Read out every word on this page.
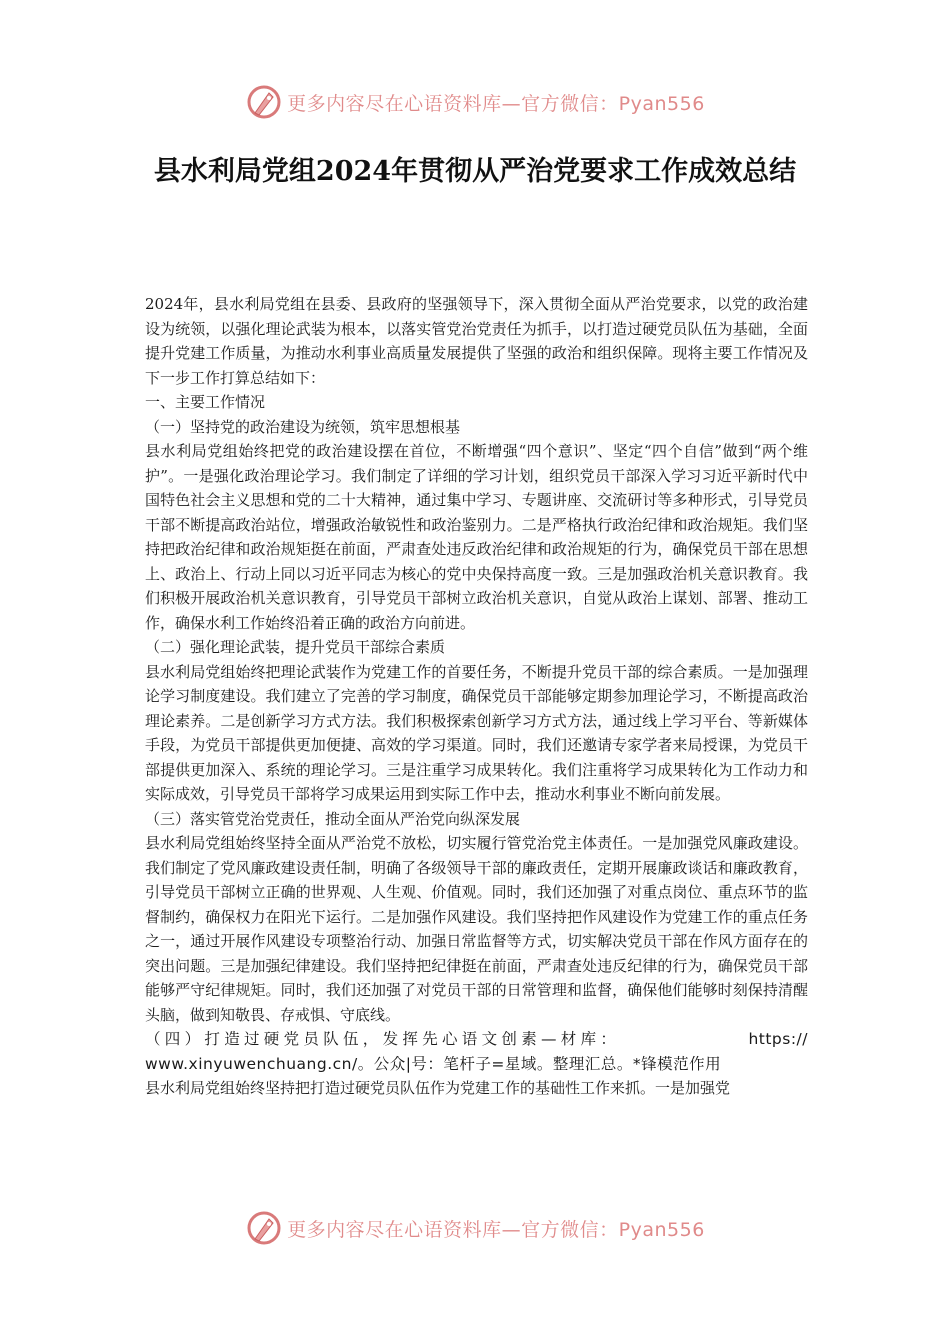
更多内容尽在心语资料库—官方微信：Pyan556
县水利局党组2024年贯彻从严治党要求工作成效总结

2024年，县水利局党组在县委、县政府的坚强领导下，深入贯彻全面从严治党要求，以党的政治建设为统领，以强化理论武装为根本，以落实管党治党责任为抓手，以打造过硬党员队伍为基础，全面提升党建工作质量，为推动水利事业高质量发展提供了坚强的政治和组织保障。现将主要工作情况及下一步工作打算总结如下：

一、主要工作情况

（一）坚持党的政治建设为统领，筑牢思想根基

县水利局党组始终把党的政治建设摆在首位，不断增强“四个意识”、坚定“四个自信”做到“两个维护”。一是强化政治理论学习。我们制定了详细的学习计划，组织党员干部深入学习习近平新时代中国特色社会主义思想和党的二十大精神，通过集中学习、专题讲座、交流研讨等多种形式，引导党员干部不断提高政治站位，增强政治敏锐性和政治鉴别力。二是严格执行政治纪律和政治规矩。我们坚持把政治纪律和政治规矩挺在前面，严肃查处违反政治纪律和政治规矩的行为，确保党员干部在思想上、政治上、行动上同以习近平同志为核心的党中央保持高度一致。三是加强政治机关意识教育。我们积极开展政治机关意识教育，引导党员干部树立政治机关意识，自觉从政治上谋划、部署、推动工作，确保水利工作始终沿着正确的政治方向前进。

（二）强化理论武装，提升党员干部综合素质

县水利局党组始终把理论武装作为党建工作的首要任务，不断提升党员干部的综合素质。一是加强理论学习制度建设。我们建立了完善的学习制度，确保党员干部能够定期参加理论学习，不断提高政治理论素养。二是创新学习方式方法。我们积极探索创新学习方式方法，通过线上学习平台、等新媒体手段，为党员干部提供更加便捷、高效的学习渠道。同时，我们还邀请专家学者来局授课，为党员干部提供更加深入、系统的理论学习。三是注重学习成果转化。我们注重将学习成果转化为工作动力和实际成效，引导党员干部将学习成果运用到实际工作中去，推动水利事业不断向前发展。

（三）落实管党治党责任，推动全面从严治党向纵深发展

县水利局党组始终坚持全面从严治党不放松，切实履行管党治党主体责任。一是加强党风廉政建设。我们制定了党风廉政建设责任制，明确了各级领导干部的廉政责任，定期开展廉政谈话和廉政教育，引导党员干部树立正确的世界观、人生观、价值观。同时，我们还加强了对重点岗位、重点环节的监督制约，确保权力在阳光下运行。二是加强作风建设。我们坚持把作风建设作为党建工作的重点任务之一，通过开展作风建设专项整治行动、加强日常监督等方式，切实解决党员干部在作风方面存在的突出问题。三是加强纪律建设。我们坚持把纪律挺在前面，严肃查处违反纪律的行为，确保党员干部能够严守纪律规矩。同时，我们还加强了对党员干部的日常管理和监督，确保他们能够时刻保持清醒头脑，做到知敬畏、存戒惧、守底线。

（四）打造过硬党员队伍，发挥先心语文创素—材库：	https://

www.xinyuwenchuang.cn/。公众|号：笔杆子=星域。整理汇总。*锋模范作用

县水利局党组始终坚持把打造过硬党员队伍作为党建工作的基础性工作来抓。一是加强党

更多内容尽在心语资料库—官方微信：Pyan556
